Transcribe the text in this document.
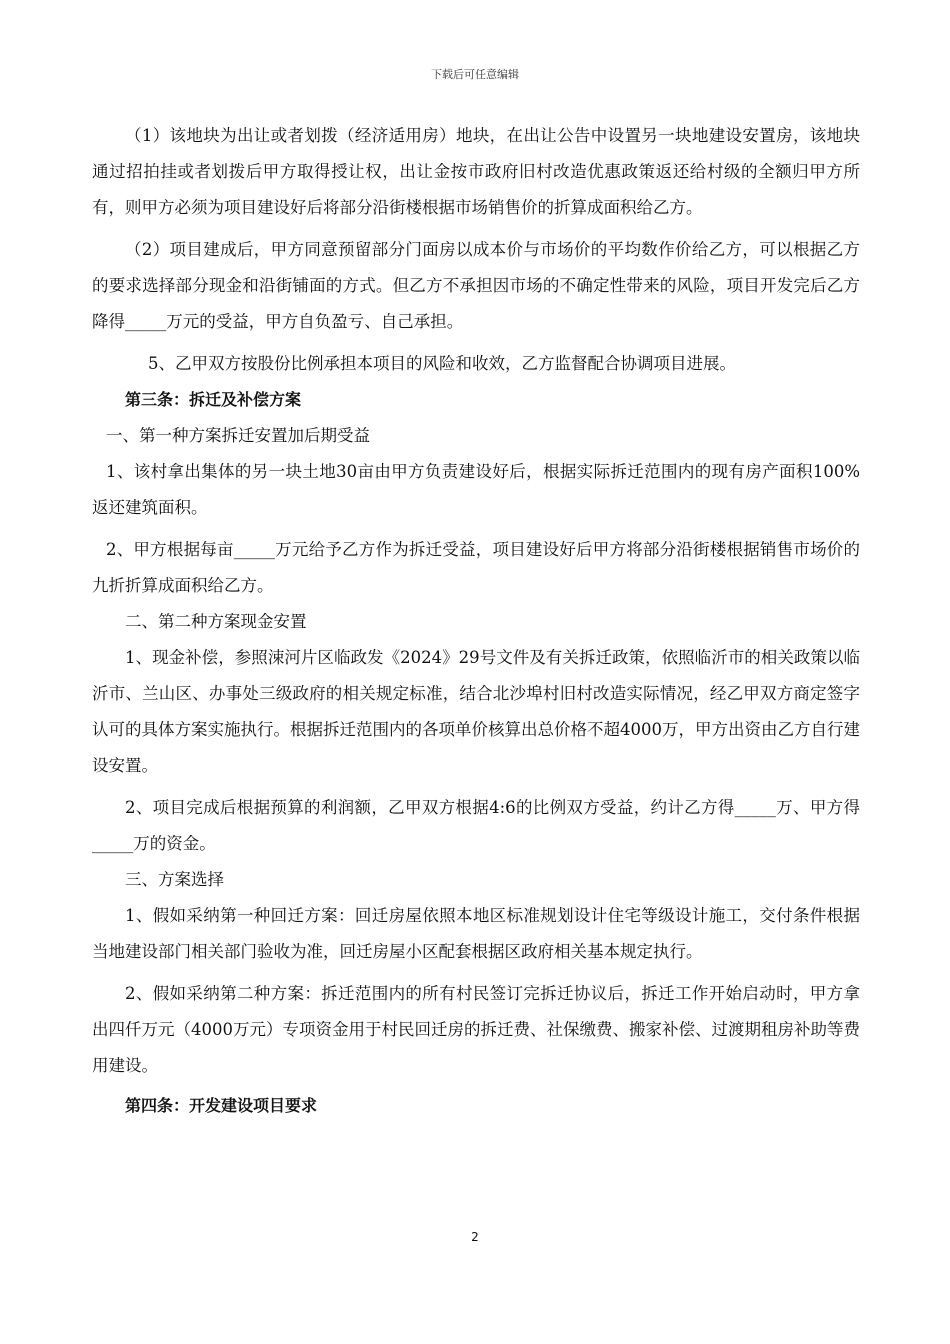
下载后可任意编辑

（1）该地块为出让或者划拨（经济适用房）地块，在出让公告中设置另一块地建设安置房，该地块通过招拍挂或者划拨后甲方取得授让权，出让金按市政府旧村改造优惠政策返还给村级的全额归甲方所有，则甲方必须为项目建设好后将部分沿街楼根据市场销售价的折算成面积给乙方。

（2）项目建成后，甲方同意预留部分门面房以成本价与市场价的平均数作价给乙方，可以根据乙方的要求选择部分现金和沿街铺面的方式。但乙方不承担因市场的不确定性带来的风险，项目开发完后乙方降得_____万元的受益，甲方自负盈亏、自己承担。

5、乙甲双方按股份比例承担本项目的风险和收效，乙方监督配合协调项目进展。

第三条：拆迁及补偿方案

一、第一种方案拆迁安置加后期受益

1、该村拿出集体的另一块土地30亩由甲方负责建设好后，根据实际拆迁范围内的现有房产面积100%返还建筑面积。

2、甲方根据每亩_____万元给予乙方作为拆迁受益，项目建设好后甲方将部分沿街楼根据销售市场价的九折折算成面积给乙方。

二、第二种方案现金安置

1、现金补偿，参照涑河片区临政发《2024》29号文件及有关拆迁政策，依照临沂市的相关政策以临沂市、兰山区、办事处三级政府的相关规定标准，结合北沙埠村旧村改造实际情况，经乙甲双方商定签字认可的具体方案实施执行。根据拆迁范围内的各项单价核算出总价格不超4000万，甲方出资由乙方自行建设安置。

2、项目完成后根据预算的利润额，乙甲双方根据4:6的比例双方受益，约计乙方得_____万、甲方得_____万的资金。

三、方案选择

1、假如采纳第一种回迁方案：回迁房屋依照本地区标准规划设计住宅等级设计施工，交付条件根据当地建设部门相关部门验收为准，回迁房屋小区配套根据区政府相关基本规定执行。

2、假如采纳第二种方案：拆迁范围内的所有村民签订完拆迁协议后，拆迁工作开始启动时，甲方拿出四仟万元（4000万元）专项资金用于村民回迁房的拆迁费、社保缴费、搬家补偿、过渡期租房补助等费用建设。

第四条：开发建设项目要求

2
